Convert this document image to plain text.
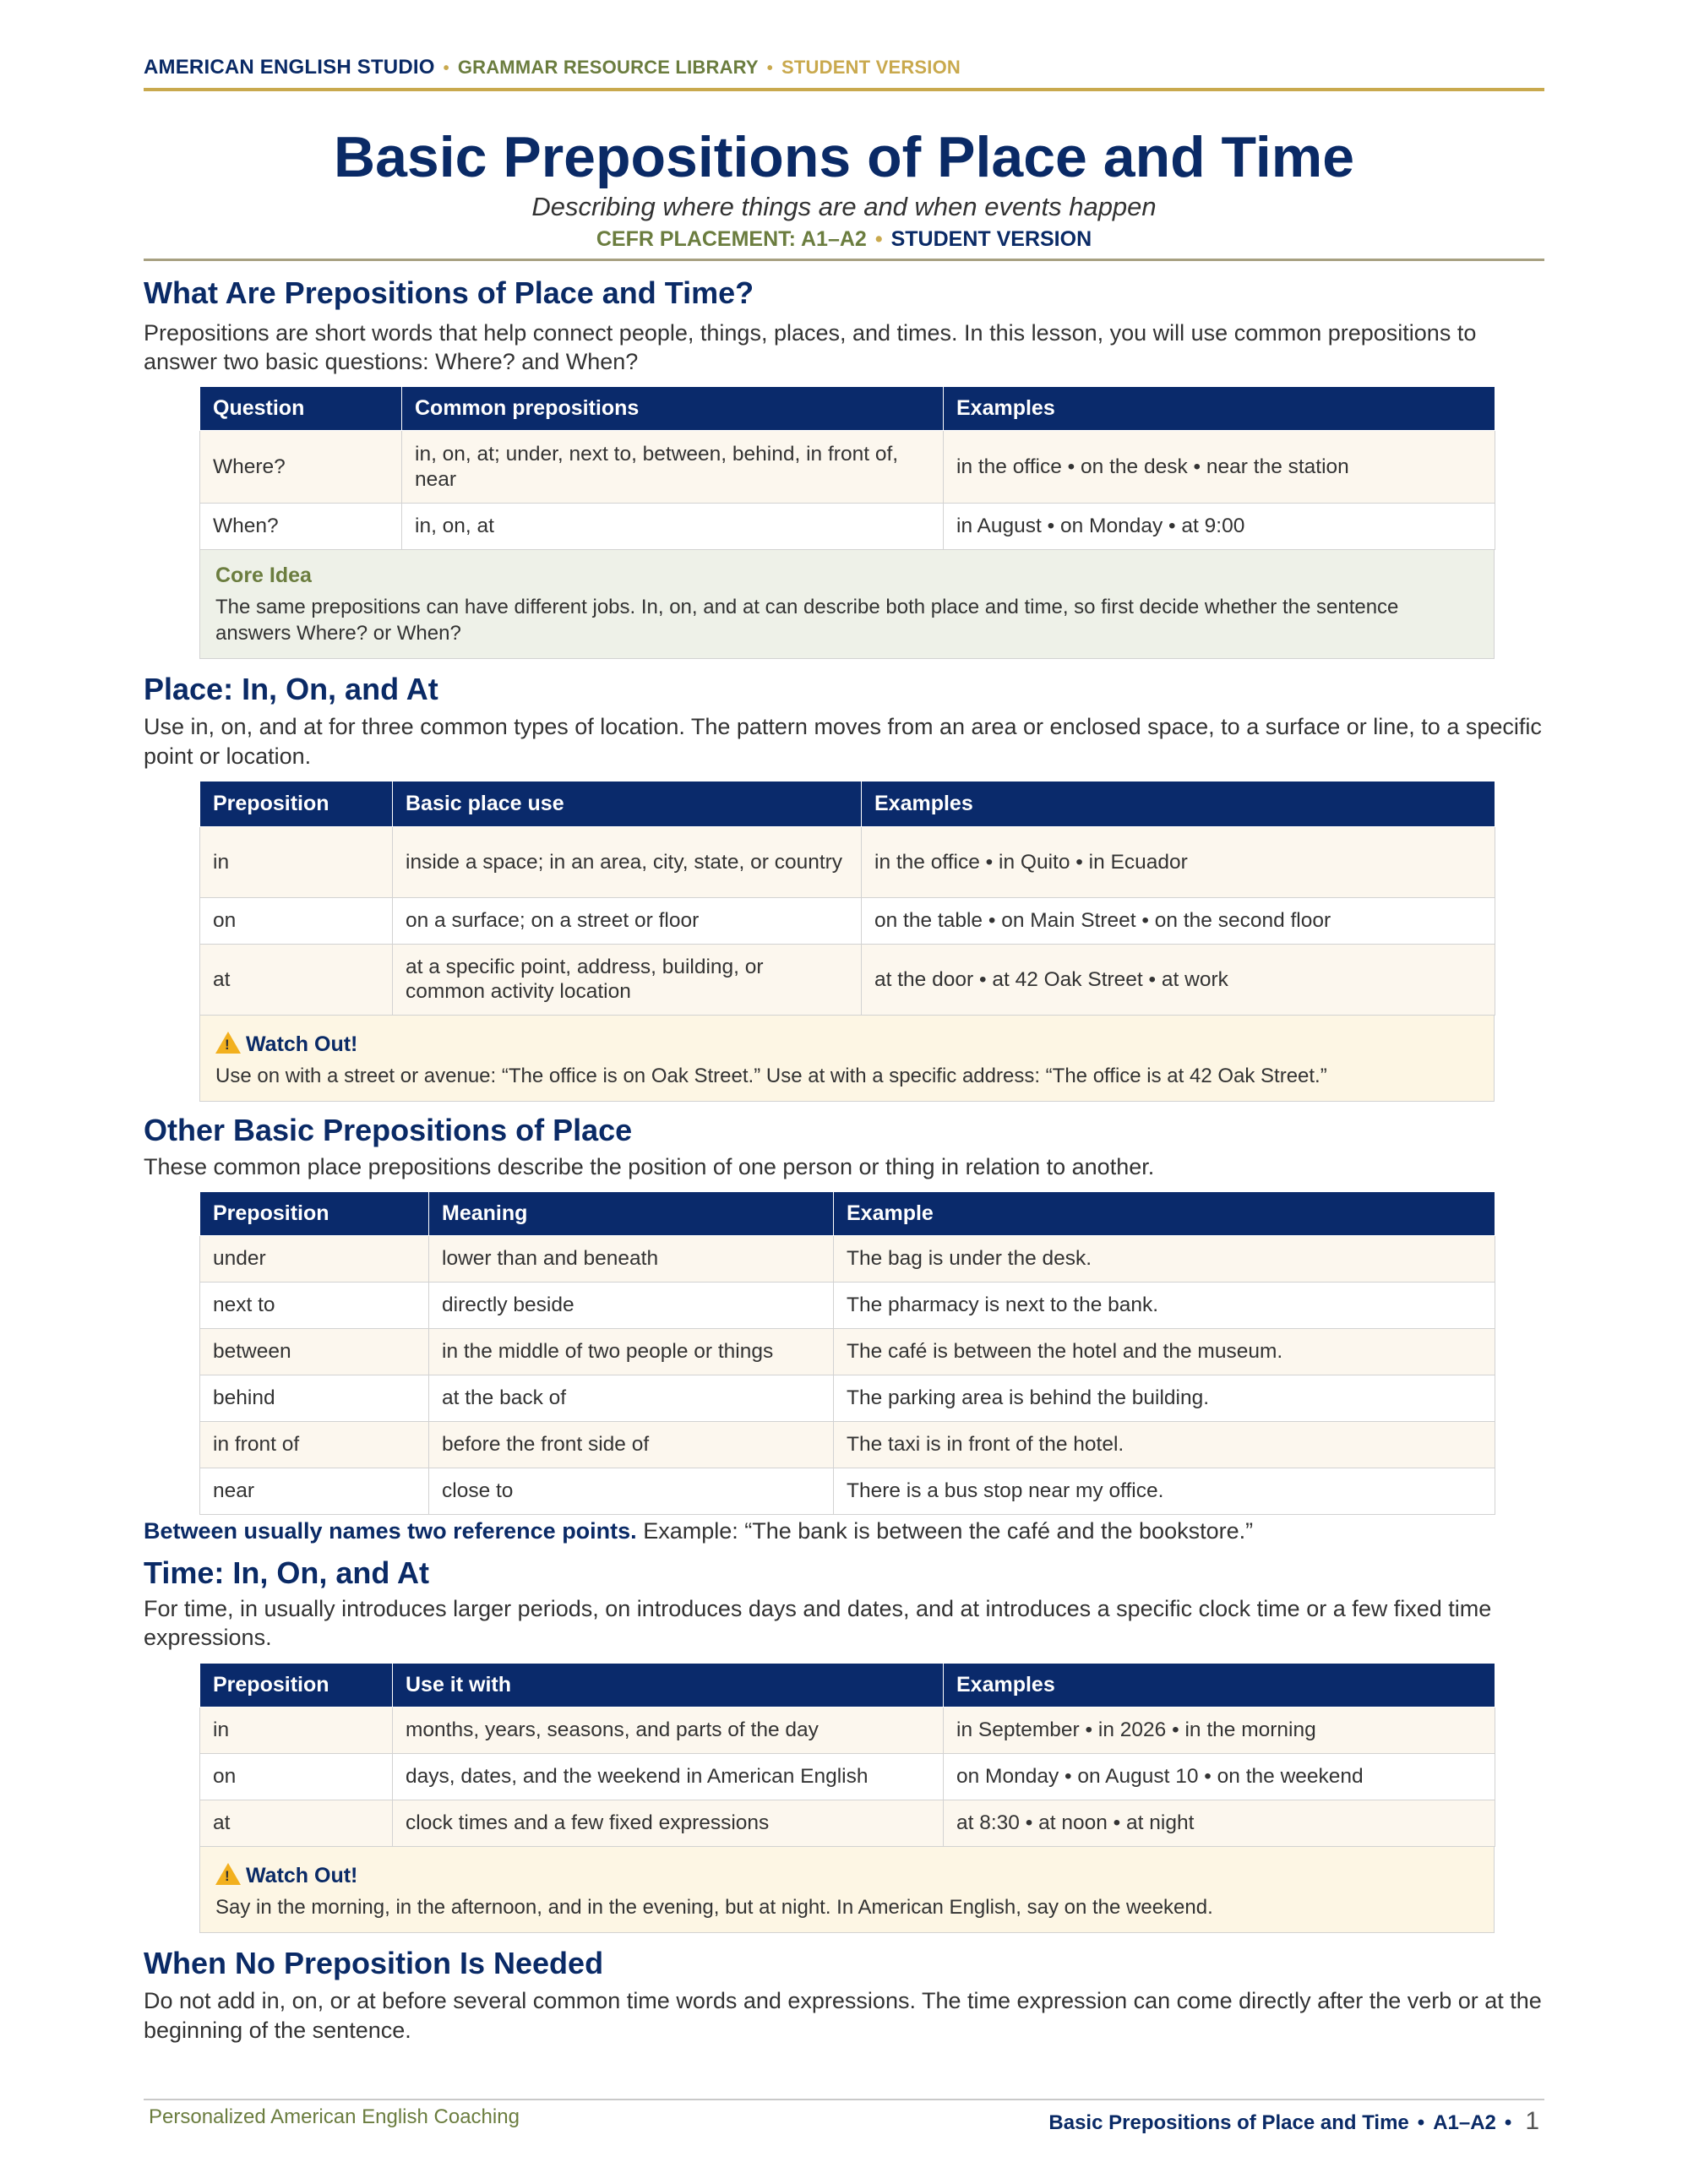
AMERICAN ENGLISH STUDIO • GRAMMAR RESOURCE LIBRARY • STUDENT VERSION
Basic Prepositions of Place and Time
Describing where things are and when events happen
CEFR PLACEMENT: A1–A2 • STUDENT VERSION
What Are Prepositions of Place and Time?

Prepositions are short words that help connect people, things, places, and times. In this lesson, you will use common prepositions to answer two basic questions: Where? and When?

Question	Common prepositions	Examples
Where?	in, on, at; under, next to, between, behind, in front of, near	in the office • on the desk • near the station
When?	in, on, at	in August • on Monday • at 9:00
Core Idea
The same prepositions can have different jobs. In, on, and at can describe both place and time, so first decide whether the sentence answers Where? or When?
Place: In, On, and At

Use in, on, and at for three common types of location. The pattern moves from an area or enclosed space, to a surface or line, to a specific point or location.

Preposition	Basic place use	Examples
in	inside a space; in an area, city, state, or country	in the office • in Quito • in Ecuador
on	on a surface; on a street or floor	on the table • on Main Street • on the second floor
at	at a specific point, address, building, or common activity location	at the door • at 42 Oak Street • at work
!Watch Out!
Use on with a street or avenue: “The office is on Oak Street.” Use at with a specific address: “The office is at 42 Oak Street.”
Other Basic Prepositions of Place

These common place prepositions describe the position of one person or thing in relation to another.

Preposition	Meaning	Example
under	lower than and beneath	The bag is under the desk.
next to	directly beside	The pharmacy is next to the bank.
between	in the middle of two people or things	The café is between the hotel and the museum.
behind	at the back of	The parking area is behind the building.
in front of	before the front side of	The taxi is in front of the hotel.
near	close to	There is a bus stop near my office.

Between usually names two reference points. Example: “The bank is between the café and the bookstore.”

Time: In, On, and At

For time, in usually introduces larger periods, on introduces days and dates, and at introduces a specific clock time or a few fixed time expressions.

Preposition	Use it with	Examples
in	months, years, seasons, and parts of the day	in September • in 2026 • in the morning
on	days, dates, and the weekend in American English	on Monday • on August 10 • on the weekend
at	clock times and a few fixed expressions	at 8:30 • at noon • at night
!Watch Out!
Say in the morning, in the afternoon, and in the evening, but at night. In American English, say on the weekend.
When No Preposition Is Needed

Do not add in, on, or at before several common time words and expressions. The time expression can come directly after the verb or at the beginning of the sentence.

Personalized American English Coaching	Basic Prepositions of Place and Time • A1–A2 • 1
